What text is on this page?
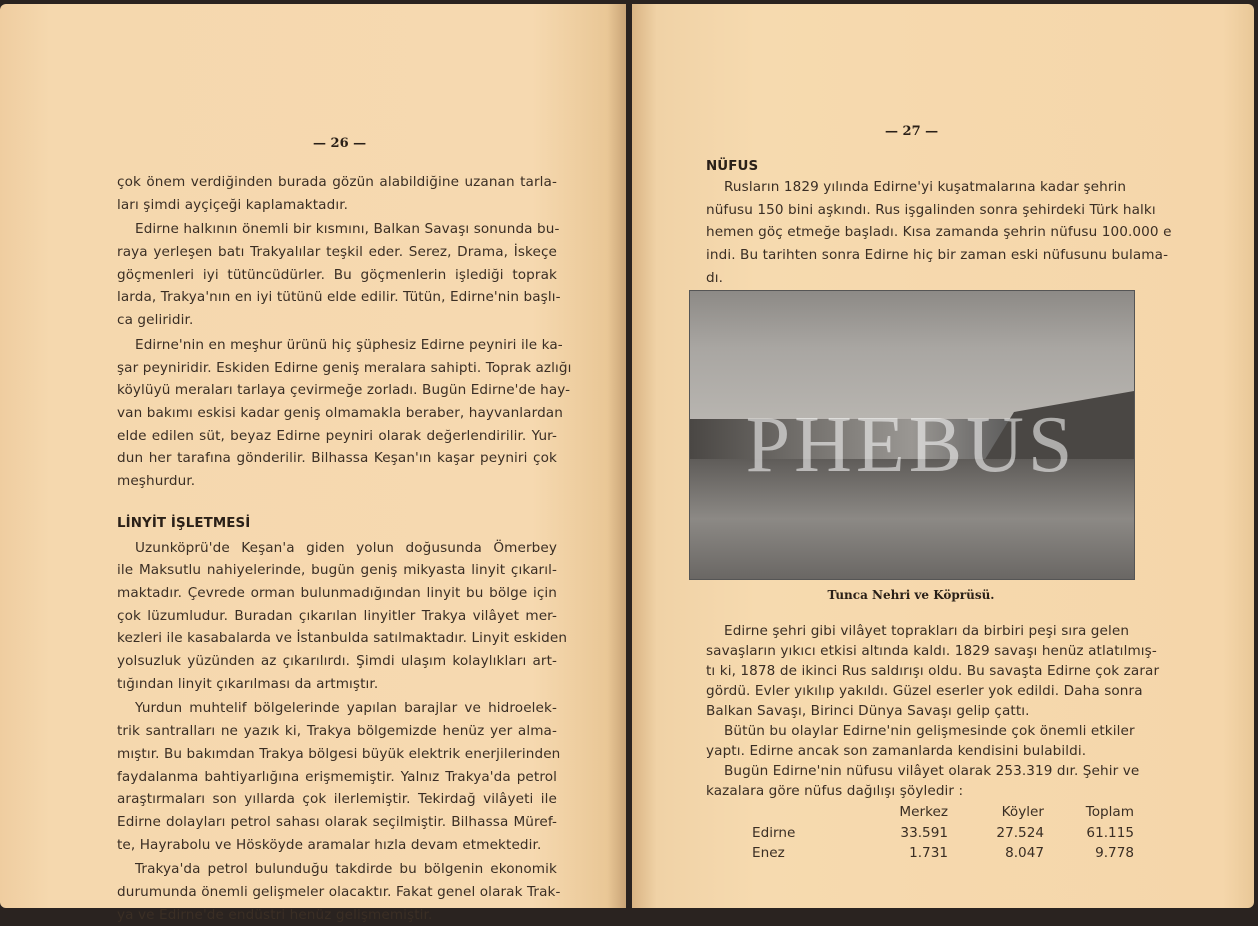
— 26 —
çok önem verdiğinden burada gözün alabildiğine uzanan tarla-
ları şimdi ayçiçeği kaplamaktadır.
Edirne halkının önemli bir kısmını, Balkan Savaşı sonunda bu-
raya yerleşen batı Trakyalılar teşkil eder. Serez, Drama, İskeçe
göçmenleri iyi tütüncüdürler. Bu göçmenlerin işlediği toprak
larda, Trakya'nın en iyi tütünü elde edilir. Tütün, Edirne'nin başlı-
ca geliridir.
Edirne'nin en meşhur ürünü hiç şüphesiz Edirne peyniri ile ka-
şar peyniridir. Eskiden Edirne geniş meralara sahipti. Toprak azlığı
köylüyü meraları tarlaya çevirmeğe zorladı. Bugün Edirne'de hay-
van bakımı eskisi kadar geniş olmamakla beraber, hayvanlardan
elde edilen süt, beyaz Edirne peyniri olarak değerlendirilir. Yur-
dun her tarafına gönderilir. Bilhassa Keşan'ın kaşar peyniri çok
meşhurdur.
LİNYİT İŞLETMESİ
Uzunköprü'de Keşan'a giden yolun doğusunda Ömerbey
ile Maksutlu nahiyelerinde, bugün geniş mikyasta linyit çıkarıl-
maktadır. Çevrede orman bulunmadığından linyit bu bölge için
çok lüzumludur. Buradan çıkarılan linyitler Trakya vilâyet mer-
kezleri ile kasabalarda ve İstanbulda satılmaktadır. Linyit eskiden
yolsuzluk yüzünden az çıkarılırdı. Şimdi ulaşım kolaylıkları art-
tığından linyit çıkarılması da artmıştır.
Yurdun muhtelif bölgelerinde yapılan barajlar ve hidroelek-
trik santralları ne yazık ki, Trakya bölgemizde henüz yer alma-
mıştır. Bu bakımdan Trakya bölgesi büyük elektrik enerjilerinden
faydalanma bahtiyarlığına erişmemiştir. Yalnız Trakya'da petrol
araştırmaları son yıllarda çok ilerlemiştir. Tekirdağ vilâyeti ile
Edirne dolayları petrol sahası olarak seçilmiştir. Bilhassa Müref-
te, Hayrabolu ve Hösköyde aramalar hızla devam etmektedir.
Trakya'da petrol bulunduğu takdirde bu bölgenin ekonomik
durumunda önemli gelişmeler olacaktır. Fakat genel olarak Trak-
ya ve Edirne'de endüstri henüz gelişmemiştir.
— 27 —
NÜFUS
Rusların 1829 yılında Edirne'yi kuşatmalarına kadar şehrin
nüfusu 150 bini aşkındı. Rus işgalinden sonra şehirdeki Türk halkı
hemen göç etmeğe başladı. Kısa zamanda şehrin nüfusu 100.000 e
indi. Bu tarihten sonra Edirne hiç bir zaman eski nüfusunu bulama-
dı.
PHEBUS
Tunca Nehri ve Köprüsü.
Edirne şehri gibi vilâyet toprakları da birbiri peşi sıra gelen
savaşların yıkıcı etkisi altında kaldı. 1829 savaşı henüz atlatılmış-
tı ki, 1878 de ikinci Rus saldırışı oldu. Bu savaşta Edirne çok zarar
gördü. Evler yıkılıp yakıldı. Güzel eserler yok edildi. Daha sonra
Balkan Savaşı, Birinci Dünya Savaşı gelip çattı.
Bütün bu olaylar Edirne'nin gelişmesinde çok önemli etkiler
yaptı. Edirne ancak son zamanlarda kendisini bulabildi.
Bugün Edirne'nin nüfusu vilâyet olarak 253.319 dır. Şehir ve
kazalara göre nüfus dağılışı şöyledir :
	Merkez	Köyler	Toplam
Edirne	33.591	27.524	61.115
Enez	1.731	8.047	9.778
